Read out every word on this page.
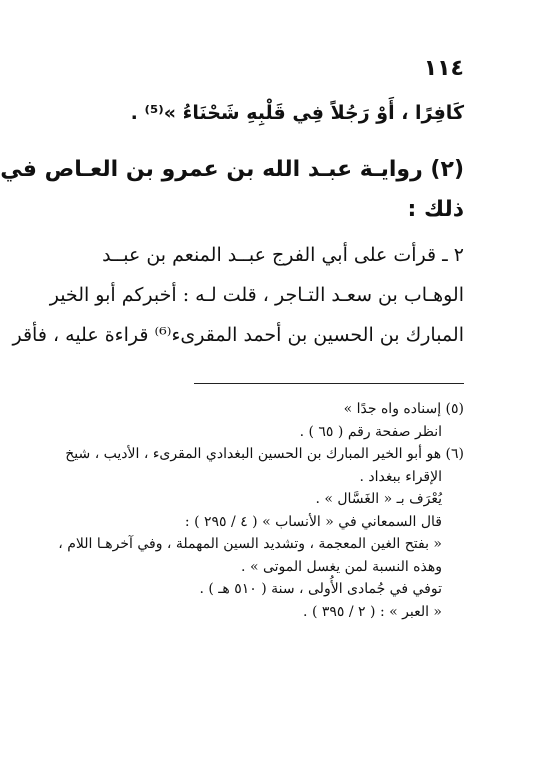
١١٤
كَافِرًا ، أَوْ رَجُلاً فِي قَلْبِهِ شَحْنَاءُ »⁽⁵⁾ .
(٢) روايـة عبـد الله بن عمرو بن العـاص في
ذلك :
٢ ـ قرأت على أبي الفرج عبــد المنعم بن عبــد
الوهـاب بن سعـد التـاجر ، قلت لـه : أخبركم أبو الخير
المبارك بن الحسين بن أحمد المقرىء⁽⁶⁾ قراءة عليه ، فأقر
(٥) إسناده واه جدًا »
انظر صفحة رقم ( ٦٥ ) .
(٦) هو أبو الخير المبارك بن الحسين البغدادي المقرىء ، الأديب ، شيخ
الإقراء ببغداد .
يُعْرَف بـ « الغَسَّال » .
قال السمعاني في « الأنساب » ( ٤ / ٢٩٥ ) :
« بفتح الغين المعجمة ، وتشديد السين المهملة ، وفي آخرهـا اللام ،
وهذه النسبة لمن يغسل الموتى » .
توفي في جُمادى الأُولى ، سنة ( ٥١٠ هـ ) .
« العبر » : ( ٢ / ٣٩٥ ) .
